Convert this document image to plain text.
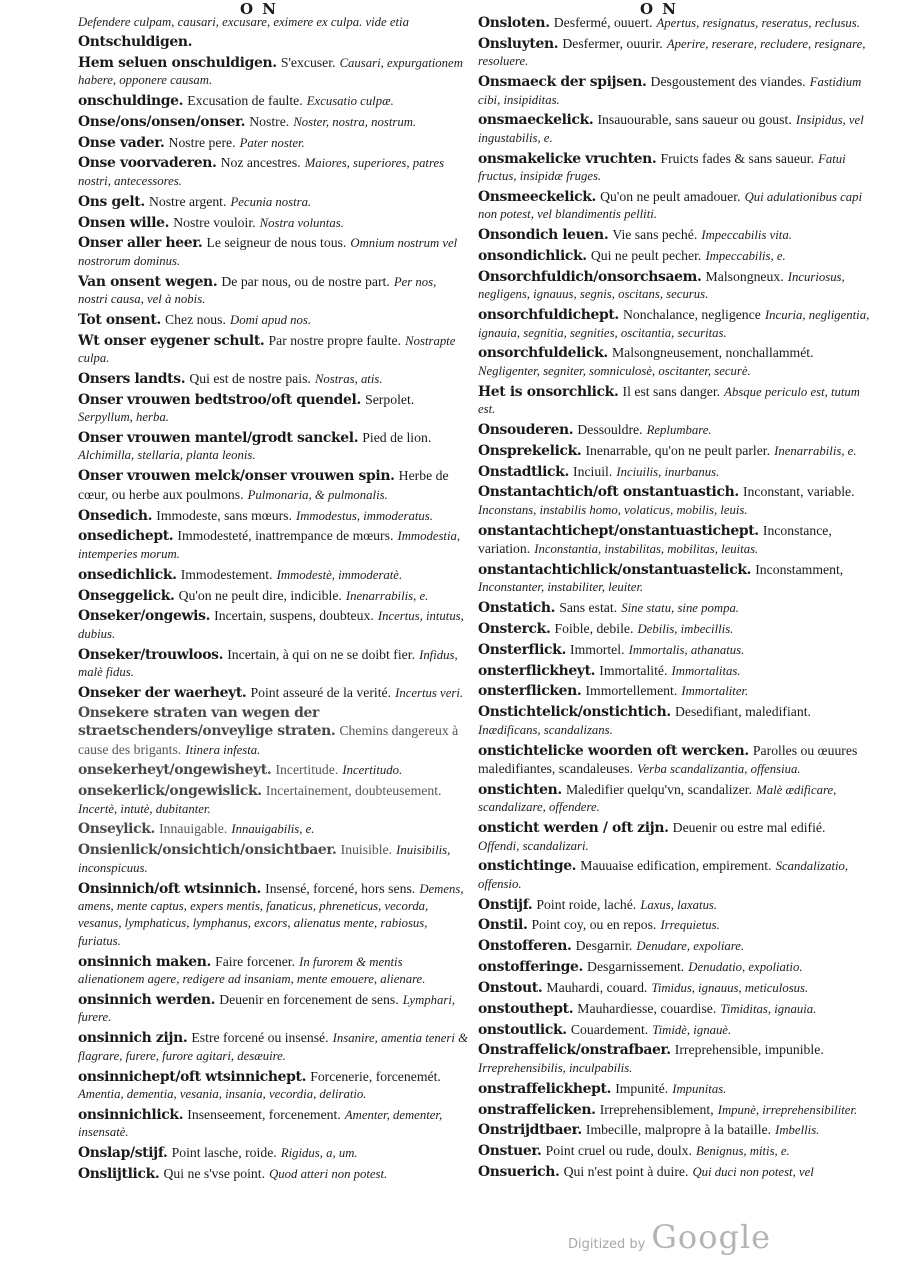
O N	O N

Defendere culpam, causari, excusare, eximere ex culpa. vide etia

Ontschuldigen.

Hem seluen onschuldigen. S'excuser. Causari, expurgationem habere, opponere causam.

onschuldinge. Excusation de faulte. Excusatio culpæ.

Onse/ons/onsen/onser. Nostre. Noster, nostra, nostrum.

Onse vader. Nostre pere. Pater noster.

Onse voorvaderen. Noz ancestres. Maiores, superiores, patres nostri, antecessores.

Ons gelt. Nostre argent. Pecunia nostra.

Onsen wille. Nostre vouloir. Nostra voluntas.

Onser aller heer. Le seigneur de nous tous. Omnium nostrum vel nostrorum dominus.

Van onsent wegen. De par nous, ou de nostre part. Per nos, nostri causa, vel à nobis.

Tot onsent. Chez nous. Domi apud nos.

Wt onser eygener schult. Par nostre propre faulte. Nostrapte culpa.

Onsers landts. Qui est de nostre pais. Nostras, atis.

Onser vrouwen bedtstroo/oft quendel. Serpolet. Serpyllum, herba.

Onser vrouwen mantel/grodt sanckel. Pied de lion. Alchimilla, stellaria, planta leonis.

Onser vrouwen melck/onser vrouwen spin. Herbe de cœur, ou herbe aux poulmons. Pulmonaria, & pulmonalis.

Onsedich. Immodeste, sans mœurs. Immodestus, immoderatus.

onsedichept. Immodesteté, inattrempance de mœurs. Immodestia, intemperies morum.

onsedichlick. Immodestement. Immodestè, immoderatè.

Onseggelick. Qu'on ne peult dire, indicible. Inenarrabilis, e.

Onseker/ongewis. Incertain, suspens, doubteux. Incertus, intutus, dubius.

Onseker/trouwloos. Incertain, à qui on ne se doibt fier. Infidus, malè fidus.

Onseker der waerheyt. Point asseuré de la verité. Incertus veri.

Onsekere straten van wegen der straetschenders/onveylige straten. Chemins dangereux à cause des brigants. Itinera infesta.

onsekerheyt/ongewisheyt. Incertitude. Incertitudo.

onsekerlick/ongewislick. Incertainement, doubteusement. Incertè, intutè, dubitanter.

Onseylick. Innauigable. Innauigabilis, e.

Onsienlick/onsichtich/onsichtbaer. Inuisible. Inuisibilis, inconspicuus.

Onsinnich/oft wtsinnich. Insensé, forcené, hors sens. Demens, amens, mente captus, expers mentis, fanaticus, phreneticus, vecorda, vesanus, lymphaticus, lymphanus, excors, alienatus mente, rabiosus, furiatus.

onsinnich maken. Faire forcener. In furorem & mentis alienationem agere, redigere ad insaniam, mente emouere, alienare.

onsinnich werden. Deuenir en forcenement de sens. Lymphari, furere.

onsinnich zijn. Estre forcené ou insensé. Insanire, amentia teneri & flagrare, furere, furore agitari, desæuire.

onsinnichept/oft wtsinnichept. Forcenerie, forcenemét. Amentia, dementia, vesania, insania, vecordia, deliratio.

onsinnichlick. Insenseement, forcenement. Amenter, dementer, insensatè.

Onslap/stijf. Point lasche, roide. Rigidus, a, um.

Onslijtlick. Qui ne s'vse point. Quod atteri non potest.

Onsloten. Desfermé, ouuert. Apertus, resignatus, reseratus, reclusus.

Onsluyten. Desfermer, ouurir. Aperire, reserare, recludere, resignare, resoluere.

Onsmaeck der spijsen. Desgoustement des viandes. Fastidium cibi, insipiditas.

onsmaeckelick. Insauourable, sans saueur ou goust. Insipidus, vel ingustabilis, e.

onsmakelicke vruchten. Fruicts fades & sans saueur. Fatui fructus, insipidæ fruges.

Onsmeeckelick. Qu'on ne peult amadouer. Qui adulationibus capi non potest, vel blandimentis pelliti.

Onsondich leuen. Vie sans peché. Impeccabilis vita.

onsondichlick. Qui ne peult pecher. Impeccabilis, e.

Onsorchfuldich/onsorchsaem. Malsongneux. Incuriosus, negligens, ignauus, segnis, oscitans, securus.

onsorchfuldichept. Nonchalance, negligence Incuria, negligentia, ignauia, segnitia, segnities, oscitantia, securitas.

onsorchfuldelick. Malsongneusement, nonchallammét. Negligenter, segniter, somniculosè, oscitanter, securè.

Het is onsorchlick. Il est sans danger. Absque periculo est, tutum est.

Onsouderen. Dessouldre. Replumbare.

Onsprekelick. Inenarrable, qu'on ne peult parler. Inenarrabilis, e.

Onstadtlick. Inciuil. Inciuilis, inurbanus.

Onstantachtich/oft onstantuastich. Inconstant, variable. Inconstans, instabilis homo, volaticus, mobilis, leuis.

onstantachtichept/onstantuastichept. Inconstance, variation. Inconstantia, instabilitas, mobilitas, leuitas.

onstantachtichlick/onstantuastelick. Inconstamment, Inconstanter, instabiliter, leuiter.

Onstatich. Sans estat. Sine statu, sine pompa.

Onsterck. Foible, debile. Debilis, imbecillis.

Onsterflick. Immortel. Immortalis, athanatus.

onsterflickheyt. Immortalité. Immortalitas.

onsterflicken. Immortellement. Immortaliter.

Onstichtelick/onstichtich. Desedifiant, maledifiant. Inædificans, scandalizans.

onstichtelicke woorden oft wercken. Parolles ou œuures maledifiantes, scandaleuses. Verba scandalizantia, offensiua.

onstichten. Maledifier quelqu'vn, scandalizer. Malè ædificare, scandalizare, offendere.

onsticht werden / oft zijn. Deuenir ou estre mal edifié. Offendi, scandalizari.

onstichtinge. Mauuaise edification, empirement. Scandalizatio, offensio.

Onstijf. Point roide, laché. Laxus, laxatus.

Onstil. Point coy, ou en repos. Irrequietus.

Onstofferen. Desgarnir. Denudare, expoliare.

onstofferinge. Desgarnissement. Denudatio, expoliatio.

Onstout. Mauhardi, couard. Timidus, ignauus, meticulosus.

onstouthept. Mauhardiesse, couardise. Timiditas, ignauia.

onstoutlick. Couardement. Timidè, ignauè.

Onstraffelick/onstrafbaer. Irreprehensible, impunible. Irreprehensibilis, inculpabilis.

onstraffelickhept. Impunité. Impunitas.

onstraffelicken. Irreprehensiblement, Impunè, irreprehensibiliter.

Onstrijdtbaer. Imbecille, malpropre à la bataille. Imbellis.

Onstuer. Point cruel ou rude, doulx. Benignus, mitis, e.

Onsuerich. Qui n'est point à duire. Qui duci non potest, vel

Digitized by Google
